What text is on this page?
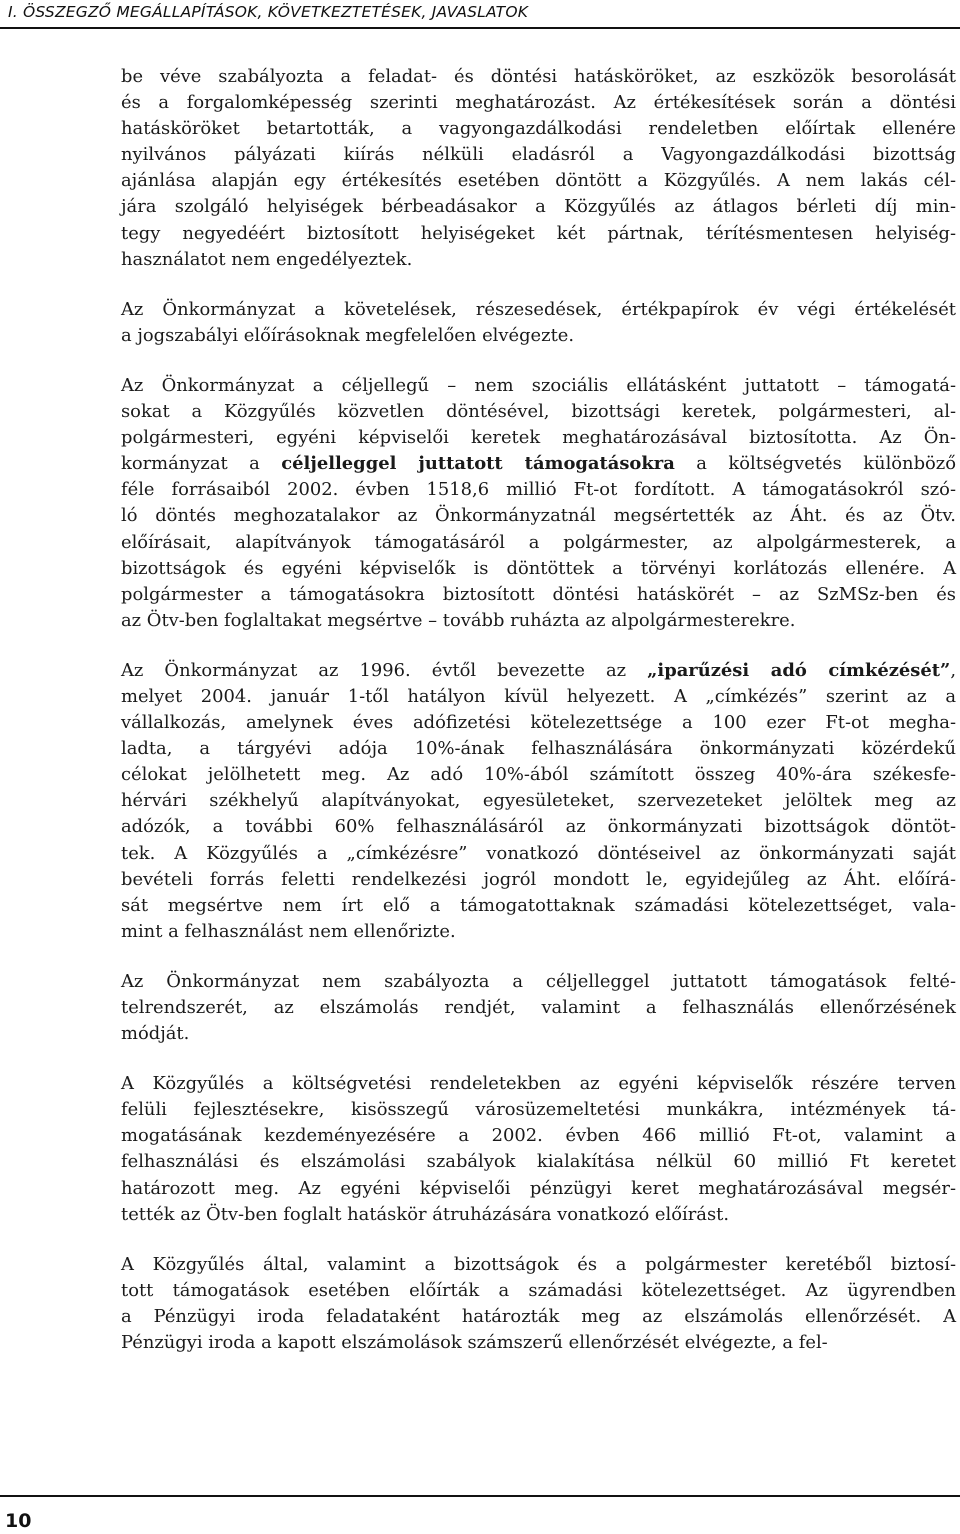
I. ÖSSZEGZŐ MEGÁLLAPÍTÁSOK, KÖVETKEZTETÉSEK, JAVASLATOK
be véve szabályozta a feladat- és döntési hatásköröket, az eszközök besorolását
és a forgalomképesség szerinti meghatározást. Az értékesítések során a döntési
hatásköröket betartották, a vagyongazdálkodási rendeletben előírtak ellenére
nyilvános pályázati kiírás nélküli eladásról a Vagyongazdálkodási bizottság
ajánlása alapján egy értékesítés esetében döntött a Közgyűlés. A nem lakás cél-
jára szolgáló helyiségek bérbeadásakor a Közgyűlés az átlagos bérleti díj min-
tegy negyedéért biztosított helyiségeket két pártnak, térítésmentesen helyiség-
használatot nem engedélyeztek.
Az Önkormányzat a követelések, részesedések, értékpapírok év végi értékelését
a jogszabályi előírásoknak megfelelően elvégezte.
Az Önkormányzat a céljellegű – nem szociális ellátásként juttatott – támogatá-
sokat a Közgyűlés közvetlen döntésével, bizottsági keretek, polgármesteri, al-
polgármesteri, egyéni képviselői keretek meghatározásával biztosította. Az Ön-
kormányzat a céljelleggel juttatott támogatásokra a költségvetés különböző
féle forrásaiból 2002. évben 1518,6 millió Ft-ot fordított. A támogatásokról szó-
ló döntés meghozatalakor az Önkormányzatnál megsértették az Áht. és az Ötv.
előírásait, alapítványok támogatásáról a polgármester, az alpolgármesterek, a
bizottságok és egyéni képviselők is döntöttek a törvényi korlátozás ellenére. A
polgármester a támogatásokra biztosított döntési hatáskörét – az SzMSz-ben és
az Ötv-ben foglaltakat megsértve – tovább ruházta az alpolgármesterekre.
Az Önkormányzat az 1996. évtől bevezette az „iparűzési adó címkézését”,
melyet 2004. január 1-től hatályon kívül helyezett. A „címkézés” szerint az a
vállalkozás, amelynek éves adófizetési kötelezettsége a 100 ezer Ft-ot megha-
ladta, a tárgyévi adója 10%-ának felhasználására önkormányzati közérdekű
célokat jelölhetett meg. Az adó 10%-ából számított összeg 40%-ára székesfe-
hérvári székhelyű alapítványokat, egyesületeket, szervezeteket jelöltek meg az
adózók, a további 60% felhasználásáról az önkormányzati bizottságok döntöt-
tek. A Közgyűlés a „címkézésre” vonatkozó döntéseivel az önkormányzati saját
bevételi forrás feletti rendelkezési jogról mondott le, egyidejűleg az Áht. előírá-
sát megsértve nem írt elő a támogatottaknak számadási kötelezettséget, vala-
mint a felhasználást nem ellenőrizte.
Az Önkormányzat nem szabályozta a céljelleggel juttatott támogatások felté-
telrendszerét, az elszámolás rendjét, valamint a felhasználás ellenőrzésének
módját.
A Közgyűlés a költségvetési rendeletekben az egyéni képviselők részére terven
felüli fejlesztésekre, kisösszegű városüzemeltetési munkákra, intézmények tá-
mogatásának kezdeményezésére a 2002. évben 466 millió Ft-ot, valamint a
felhasználási és elszámolási szabályok kialakítása nélkül 60 millió Ft keretet
határozott meg. Az egyéni képviselői pénzügyi keret meghatározásával megsér-
tették az Ötv-ben foglalt hatáskör átruházására vonatkozó előírást.
A Közgyűlés által, valamint a bizottságok és a polgármester keretéből biztosí-
tott támogatások esetében előírták a számadási kötelezettséget. Az ügyrendben
a Pénzügyi iroda feladataként határozták meg az elszámolás ellenőrzését. A
Pénzügyi iroda a kapott elszámolások számszerű ellenőrzését elvégezte, a fel-
10
